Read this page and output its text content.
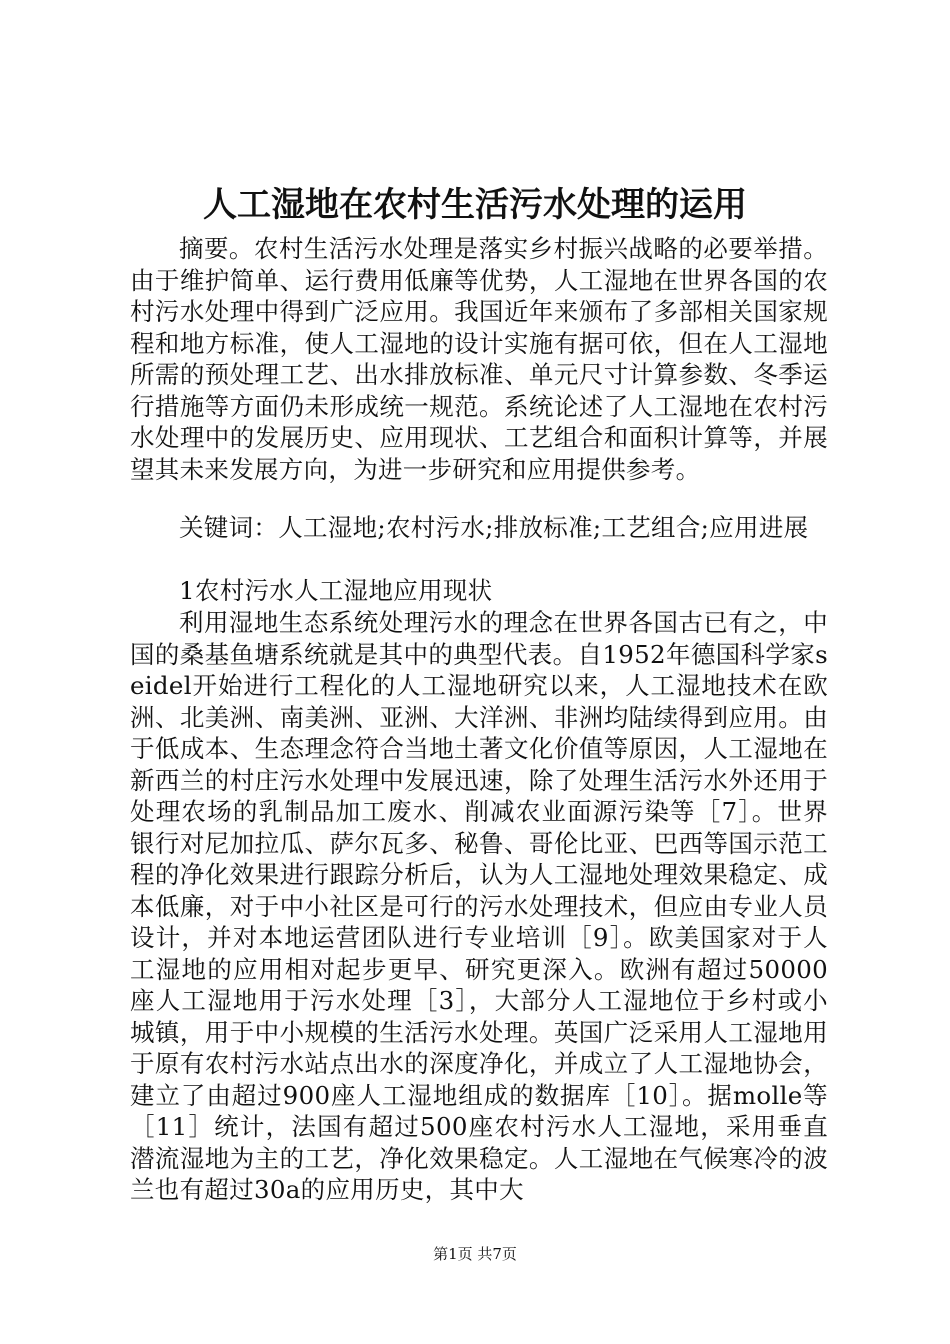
人工湿地在农村生活污水处理的运用
摘要。农村生活污水处理是落实乡村振兴战略的必要举措。由于维护简单、运行费用低廉等优势，人工湿地在世界各国的农村污水处理中得到广泛应用。我国近年来颁布了多部相关国家规程和地方标准，使人工湿地的设计实施有据可依，但在人工湿地所需的预处理工艺、出水排放标准、单元尺寸计算参数、冬季运行措施等方面仍未形成统一规范。系统论述了人工湿地在农村污水处理中的发展历史、应用现状、工艺组合和面积计算等，并展望其未来发展方向，为进一步研究和应用提供参考。
关键词：人工湿地;农村污水;排放标准;工艺组合;应用进展
1农村污水人工湿地应用现状
利用湿地生态系统处理污水的理念在世界各国古已有之，中国的桑基鱼塘系统就是其中的典型代表。自1952年德国科学家seidel开始进行工程化的人工湿地研究以来，人工湿地技术在欧洲、北美洲、南美洲、亚洲、大洋洲、非洲均陆续得到应用。由于低成本、生态理念符合当地土著文化价值等原因，人工湿地在新西兰的村庄污水处理中发展迅速，除了处理生活污水外还用于处理农场的乳制品加工废水、削减农业面源污染等［7］。世界银行对尼加拉瓜、萨尔瓦多、秘鲁、哥伦比亚、巴西等国示范工程的净化效果进行跟踪分析后，认为人工湿地处理效果稳定、成本低廉，对于中小社区是可行的污水处理技术，但应由专业人员设计，并对本地运营团队进行专业培训［9］。欧美国家对于人工湿地的应用相对起步更早、研究更深入。欧洲有超过50000座人工湿地用于污水处理［3］，大部分人工湿地位于乡村或小城镇，用于中小规模的生活污水处理。英国广泛采用人工湿地用于原有农村污水站点出水的深度净化，并成立了人工湿地协会，建立了由超过900座人工湿地组成的数据库［10］。据molle等［11］统计，法国有超过500座农村污水人工湿地，采用垂直潜流湿地为主的工艺，净化效果稳定。人工湿地在气候寒冷的波兰也有超过30a的应用历史，其中大
第1页 共7页
